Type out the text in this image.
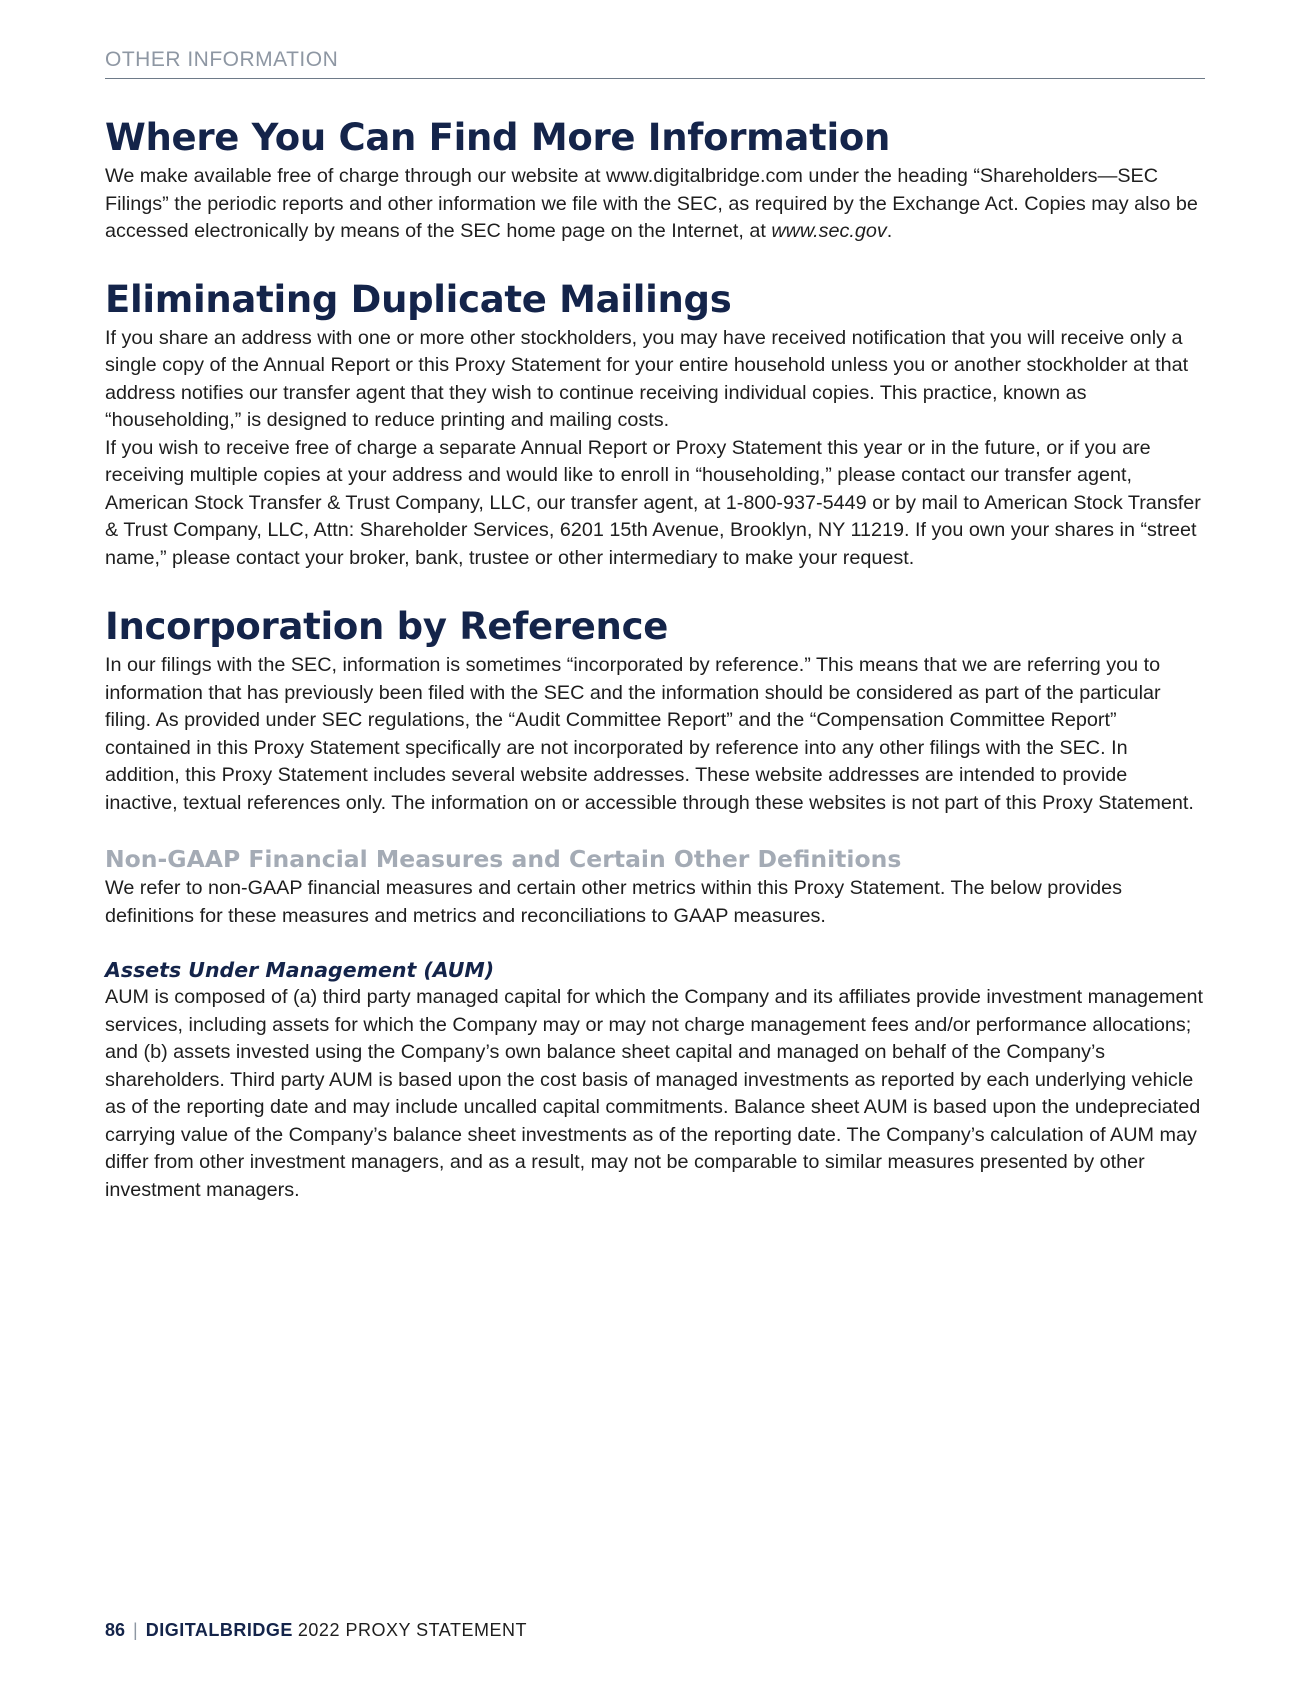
OTHER INFORMATION
Where You Can Find More Information

We make available free of charge through our website at www.digitalbridge.com under the heading “Shareholders—SEC Filings” the periodic reports and other information we file with the SEC, as required by the Exchange Act. Copies may also be accessed electronically by means of the SEC home page on the Internet, at www.sec.gov.

Eliminating Duplicate Mailings

If you share an address with one or more other stockholders, you may have received notification that you will receive only a single copy of the Annual Report or this Proxy Statement for your entire household unless you or another stockholder at that address notifies our transfer agent that they wish to continue receiving individual copies. This practice, known as “householding,” is designed to reduce printing and mailing costs.

If you wish to receive free of charge a separate Annual Report or Proxy Statement this year or in the future, or if you are receiving multiple copies at your address and would like to enroll in “householding,” please contact our transfer agent, American Stock Transfer & Trust Company, LLC, our transfer agent, at 1-800-937-5449 or by mail to American Stock Transfer & Trust Company, LLC, Attn: Shareholder Services, 6201 15th Avenue, Brooklyn, NY 11219. If you own your shares in “street name,” please contact your broker, bank, trustee or other intermediary to make your request.

Incorporation by Reference

In our filings with the SEC, information is sometimes “incorporated by reference.” This means that we are referring you to information that has previously been filed with the SEC and the information should be considered as part of the particular filing. As provided under SEC regulations, the “Audit Committee Report” and the “Compensation Committee Report” contained in this Proxy Statement specifically are not incorporated by reference into any other filings with the SEC. In addition, this Proxy Statement includes several website addresses. These website addresses are intended to provide inactive, textual references only. The information on or accessible through these websites is not part of this Proxy Statement.

Non-GAAP Financial Measures and Certain Other Definitions

We refer to non-GAAP financial measures and certain other metrics within this Proxy Statement. The below provides definitions for these measures and metrics and reconciliations to GAAP measures.

Assets Under Management (AUM)

AUM is composed of (a) third party managed capital for which the Company and its affiliates provide investment management services, including assets for which the Company may or may not charge management fees and/or performance allocations; and (b) assets invested using the Company’s own balance sheet capital and managed on behalf of the Company’s shareholders. Third party AUM is based upon the cost basis of managed investments as reported by each underlying vehicle as of the reporting date and may include uncalled capital commitments. Balance sheet AUM is based upon the undepreciated carrying value of the Company’s balance sheet investments as of the reporting date. The Company’s calculation of AUM may differ from other investment managers, and as a result, may not be comparable to similar measures presented by other investment managers.

86 | DIGITALBRIDGE 2022 PROXY STATEMENT
